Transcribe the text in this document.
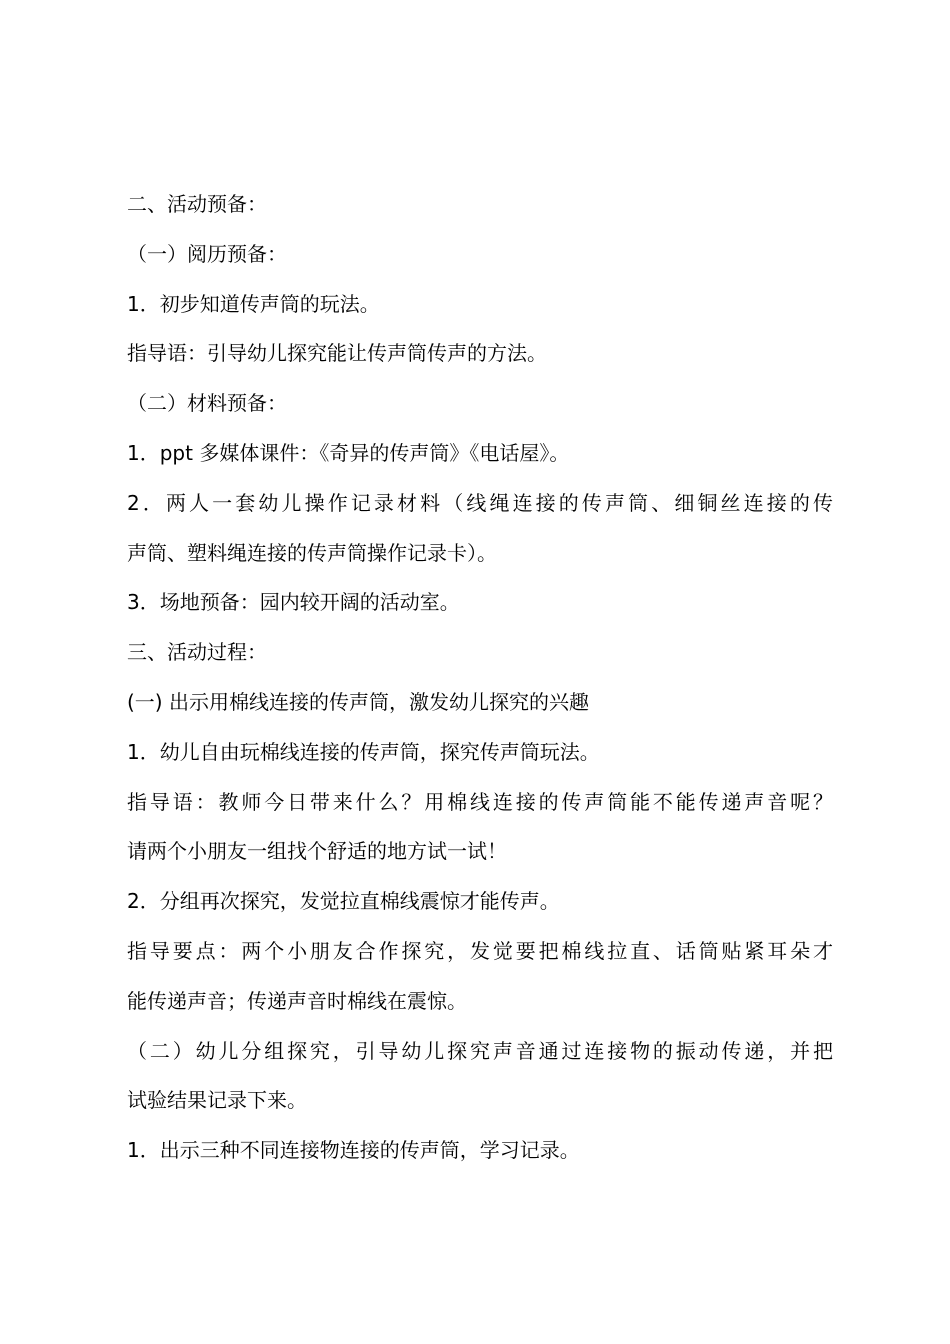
二、活动预备：
（一）阅历预备：
1．初步知道传声筒的玩法。
指导语：引导幼儿探究能让传声筒传声的方法。
（二）材料预备：
1．ppt 多媒体课件：《奇异的传声筒》《电话屋》。
2．两人一套幼儿操作记录材料（线绳连接的传声筒、细铜丝连接的传
声筒、塑料绳连接的传声筒操作记录卡）。
3．场地预备：园内较开阔的活动室。
三、活动过程：
(一) 出示用棉线连接的传声筒，激发幼儿探究的兴趣
1．幼儿自由玩棉线连接的传声筒，探究传声筒玩法。
指导语：教师今日带来什么？用棉线连接的传声筒能不能传递声音呢？
请两个小朋友一组找个舒适的地方试一试！
2．分组再次探究，发觉拉直棉线震惊才能传声。
指导要点：两个小朋友合作探究，发觉要把棉线拉直、话筒贴紧耳朵才
能传递声音；传递声音时棉线在震惊。
（二）幼儿分组探究，引导幼儿探究声音通过连接物的振动传递，并把
试验结果记录下来。
1．出示三种不同连接物连接的传声筒，学习记录。
